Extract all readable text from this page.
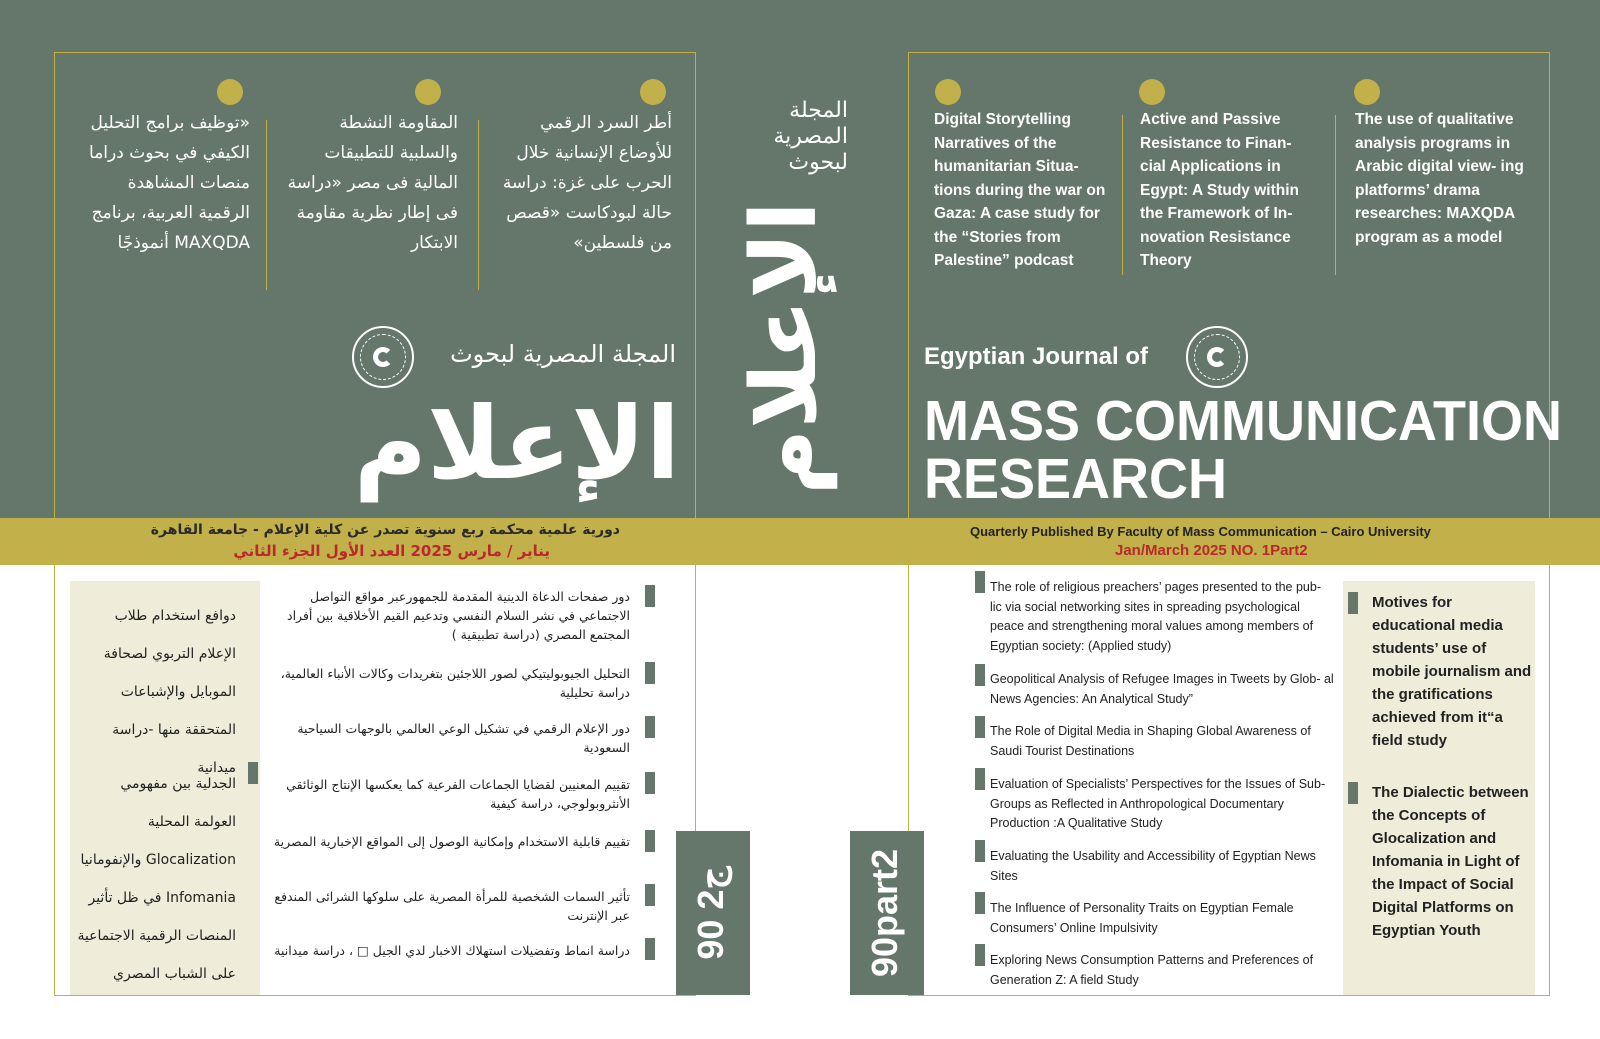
أطر السرد الرقمي للأوضاع الإنسانية خلال الحرب على غزة: دراسة حالة لبودكاست «قصص من فلسطين»
المقاومة النشطة والسلبية للتطبيقات المالية فى مصر «دراسة فى إطار نظرية مقاومة الابتكار
«توظيف برامج التحليل الكيفي في بحوث دراما منصات المشاهدة الرقمية العربية، برنامج MAXQDA أنموذجًا
المجلة المصرية لبحوث
الإعلام
دورية علمية محكمة ربع سنوية تصدر عن كلية الإعلام - جامعة القاهرة
يناير / مارس 2025 العدد الأول الجزء الثاني
دوافع استخدام طلاب الإعلام التربوي لصحافة الموبايل والإشباعات المتحققة منها -دراسة ميدانية
الجدلية بين مفهومي العولمة المحلية Glocalization والإنفومانيا Infomania في ظل تأثير المنصات الرقمية الاجتماعية على الشباب المصري
دور صفحات الدعاة الدينية المقدمة للجمهورعبر مواقع التواصل الاجتماعي في نشر السلام النفسي وتدعيم القيم الأخلاقية بين أفراد المجتمع المصري (دراسة تطبيقية )
التحليل الجيوبوليتيكي لصور اللاجئين بتغريدات وكالات الأنباء العالمية، دراسة تحليلية
دور الإعلام الرقمي في تشكيل الوعي العالمي بالوجهات السياحية السعودية
تقييم المعنيين لقضايا الجماعات الفرعية كما يعكسها الإنتاج الوثائقي الأنثروبولوجي، دراسة كيفية
تقييم قابلية الاستخدام وإمكانية الوصول إلى المواقع الإخبارية المصرية
تأثير السمات الشخصية للمرأة المصرية على سلوكها الشرائى المندفع عبر الإنترنت
دراسة انماط وتفضيلات استهلاك الاخبار لدي الجيل □ ، دراسة ميدانية
المجلة
المصرية
لبحوث
الإعلام
90 ج2	90part2
Digital Storytelling Narratives of the humanitarian Situa- tions during the war on Gaza: A case study for the “Stories from Palestine” podcast
Active and Passive Resistance to Finan- cial Applications in Egypt: A Study within the Framework of In- novation Resistance Theory
The use of qualitative analysis programs in Arabic digital view- ing platforms’ drama researches: MAXQDA program as a model
Egyptian Journal of
MASS COMMUNICATION
RESEARCH
Quarterly Published By Faculty of Mass Communication – Cairo University
Jan/March 2025 NO. 1Part2
The role of religious preachers’ pages presented to the pub- lic via social networking sites in spreading psychological peace and strengthening moral values among members of Egyptian society: (Applied study)
Geopolitical Analysis of Refugee Images in Tweets by Glob- al News Agencies: An Analytical Study”
The Role of Digital Media in Shaping Global Awareness of Saudi Tourist Destinations
Evaluation of Specialists’ Perspectives for the Issues of Sub-Groups as Reflected in Anthropological Documentary Production :A Qualitative Study
Evaluating the Usability and Accessibility of Egyptian News Sites
The Influence of Personality Traits on Egyptian Female Consumers’ Online Impulsivity
Exploring News Consumption Patterns and Preferences of Generation Z: A field Study
Motives for educational media students’ use of mobile journalism and the gratifications achieved from it“a field study
The Dialectic between the Concepts of Glocalization and Infomania in Light of the Impact of Social Digital Platforms on Egyptian Youth
